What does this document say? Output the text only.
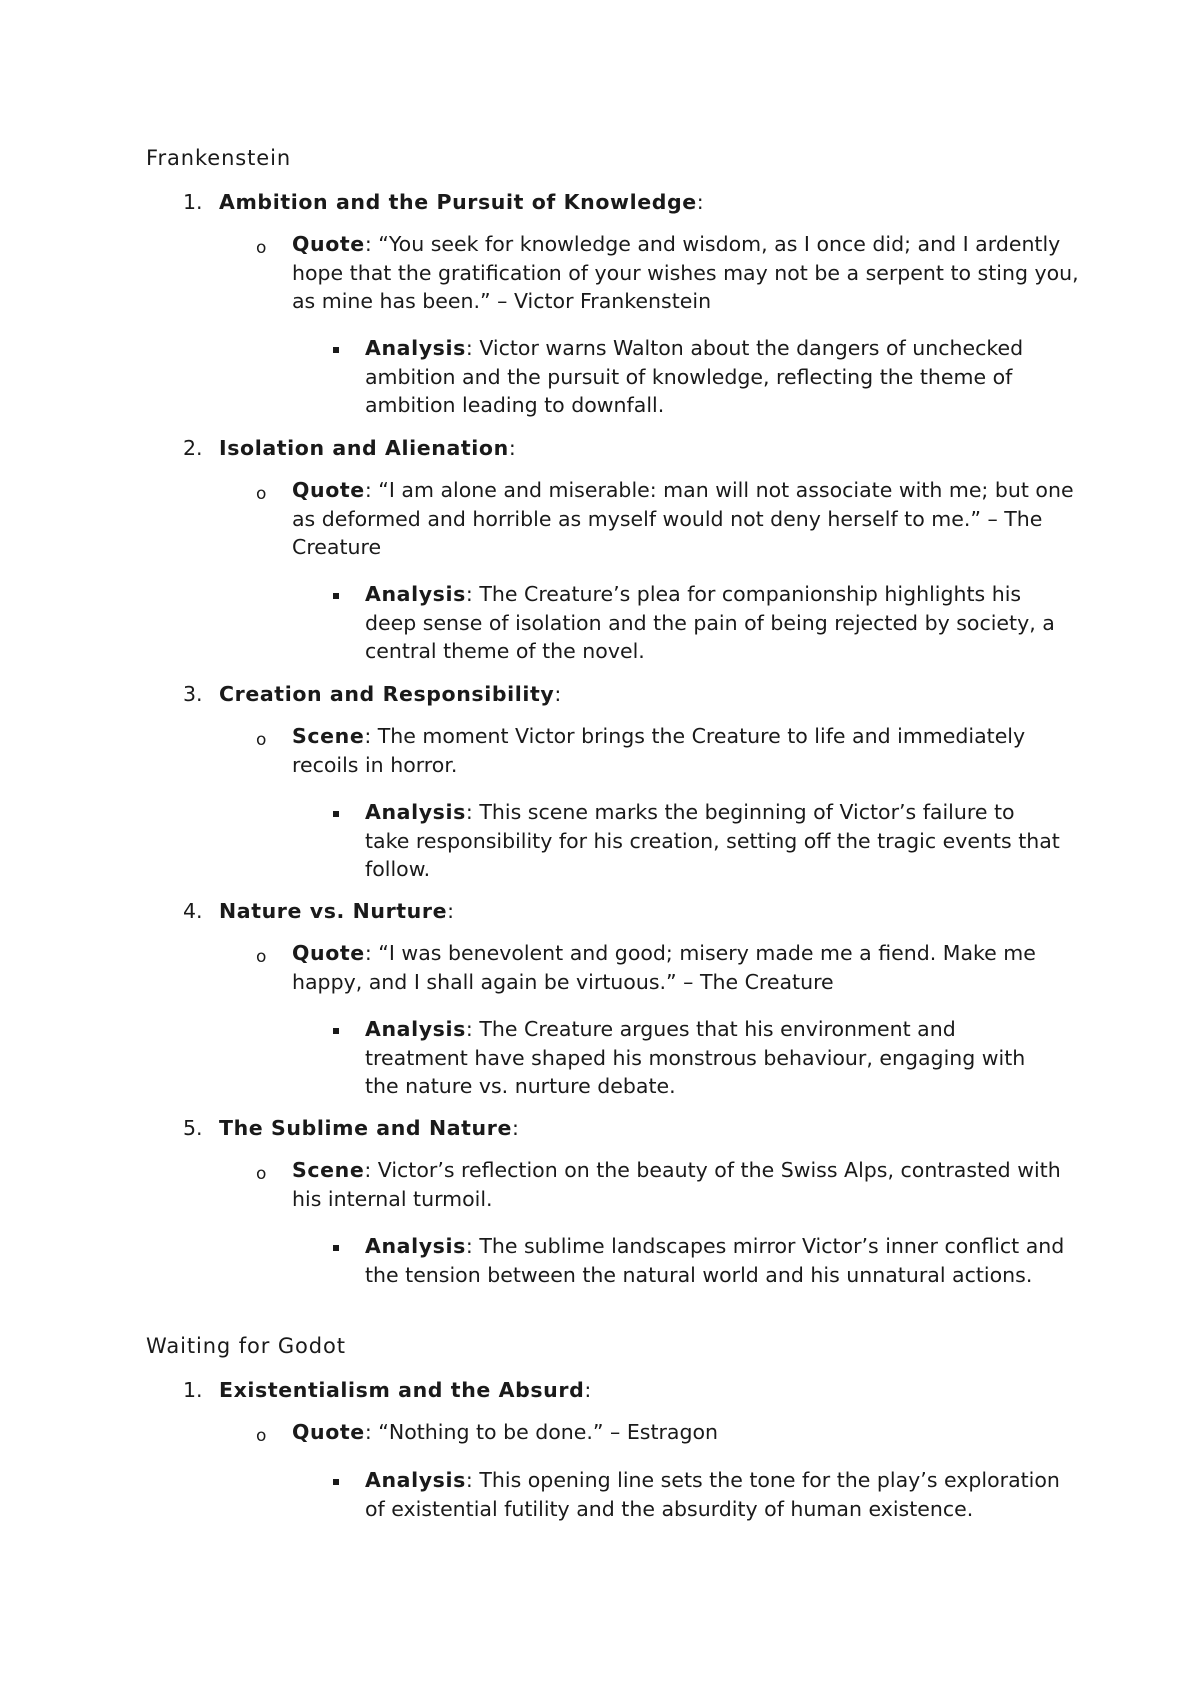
Frankenstein
1. Ambition and the Pursuit of Knowledge:
o Quote: “You seek for knowledge and wisdom, as I once did; and I ardently hope that the gratification of your wishes may not be a serpent to sting you, as mine has been.” – Victor Frankenstein
Analysis: Victor warns Walton about the dangers of unchecked ambition and the pursuit of knowledge, reflecting the theme of ambition leading to downfall.
2. Isolation and Alienation:
o Quote: “I am alone and miserable: man will not associate with me; but one as deformed and horrible as myself would not deny herself to me.” – The Creature
Analysis: The Creature’s plea for companionship highlights his deep sense of isolation and the pain of being rejected by society, a central theme of the novel.
3. Creation and Responsibility:
o Scene: The moment Victor brings the Creature to life and immediately recoils in horror.
Analysis: This scene marks the beginning of Victor’s failure to take responsibility for his creation, setting off the tragic events that follow.
4. Nature vs. Nurture:
o Quote: “I was benevolent and good; misery made me a fiend. Make me happy, and I shall again be virtuous.” – The Creature
Analysis: The Creature argues that his environment and treatment have shaped his monstrous behaviour, engaging with the nature vs. nurture debate.
5. The Sublime and Nature:
o Scene: Victor’s reflection on the beauty of the Swiss Alps, contrasted with his internal turmoil.
Analysis: The sublime landscapes mirror Victor’s inner conflict and the tension between the natural world and his unnatural actions.
Waiting for Godot
1. Existentialism and the Absurd:
o Quote: “Nothing to be done.” – Estragon
Analysis: This opening line sets the tone for the play’s exploration of existential futility and the absurdity of human existence.
